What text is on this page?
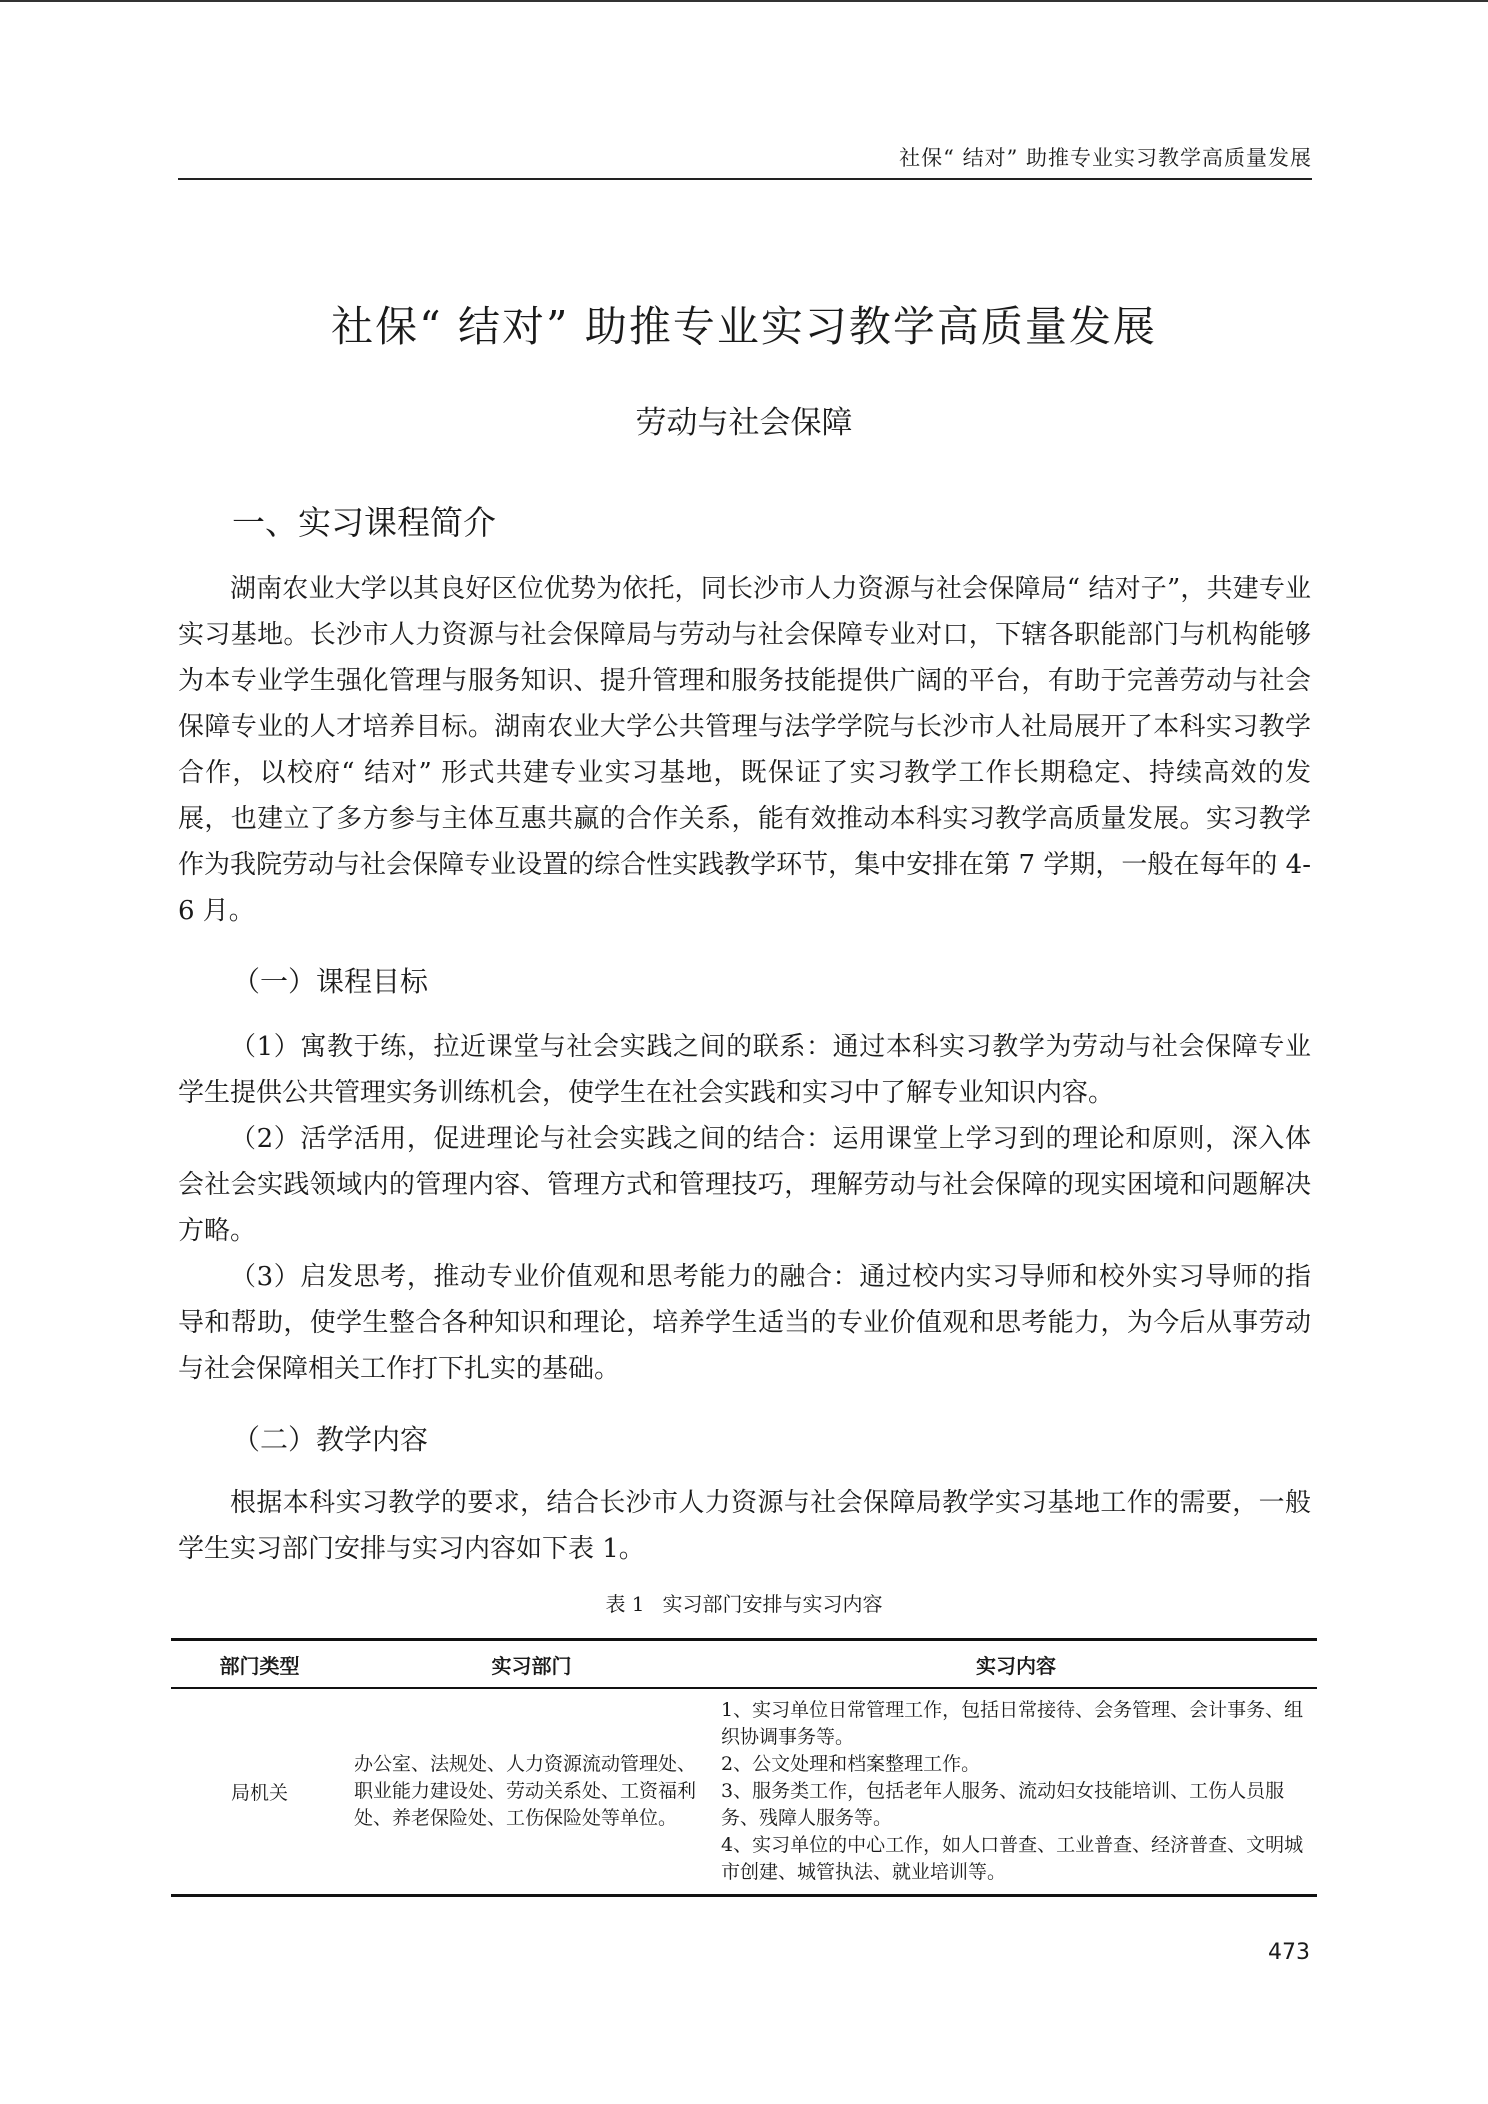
社保“ 结对” 助推专业实习教学高质量发展
社保“ 结对” 助推专业实习教学高质量发展
劳动与社会保障
一、实习课程简介

湖南农业大学以其良好区位优势为依托，同长沙市人力资源与社会保障局“ 结对子”，共建专业实习基地。长沙市人力资源与社会保障局与劳动与社会保障专业对口，下辖各职能部门与机构能够为本专业学生强化管理与服务知识、提升管理和服务技能提供广阔的平台，有助于完善劳动与社会保障专业的人才培养目标。湖南农业大学公共管理与法学学院与长沙市人社局展开了本科实习教学合作，以校府“ 结对” 形式共建专业实习基地，既保证了实习教学工作长期稳定、持续高效的发展，也建立了多方参与主体互惠共赢的合作关系，能有效推动本科实习教学高质量发展。实习教学作为我院劳动与社会保障专业设置的综合性实践教学环节，集中安排在第 7 学期，一般在每年的 4-6 月。

（一）课程目标

（1）寓教于练，拉近课堂与社会实践之间的联系：通过本科实习教学为劳动与社会保障专业学生提供公共管理实务训练机会，使学生在社会实践和实习中了解专业知识内容。

（2）活学活用，促进理论与社会实践之间的结合：运用课堂上学习到的理论和原则，深入体会社会实践领域内的管理内容、管理方式和管理技巧，理解劳动与社会保障的现实困境和问题解决方略。

（3）启发思考，推动专业价值观和思考能力的融合：通过校内实习导师和校外实习导师的指导和帮助，使学生整合各种知识和理论，培养学生适当的专业价值观和思考能力，为今后从事劳动与社会保障相关工作打下扎实的基础。

（二）教学内容

根据本科实习教学的要求，结合长沙市人力资源与社会保障局教学实习基地工作的需要，一般学生实习部门安排与实习内容如下表 1。

表 1 实习部门安排与实习内容
部门类型	实习部门	实习内容
局机关	办公室、法规处、人力资源流动管理处、职业能力建设处、劳动关系处、工资福利处、养老保险处、工伤保险处等单位。	1、实习单位日常管理工作，包括日常接待、会务管理、会计事务、组织协调事务等。
2、公文处理和档案整理工作。
3、服务类工作，包括老年人服务、流动妇女技能培训、工伤人员服务、残障人服务等。
4、实习单位的中心工作，如人口普查、工业普查、经济普查、文明城市创建、城管执法、就业培训等。
473
